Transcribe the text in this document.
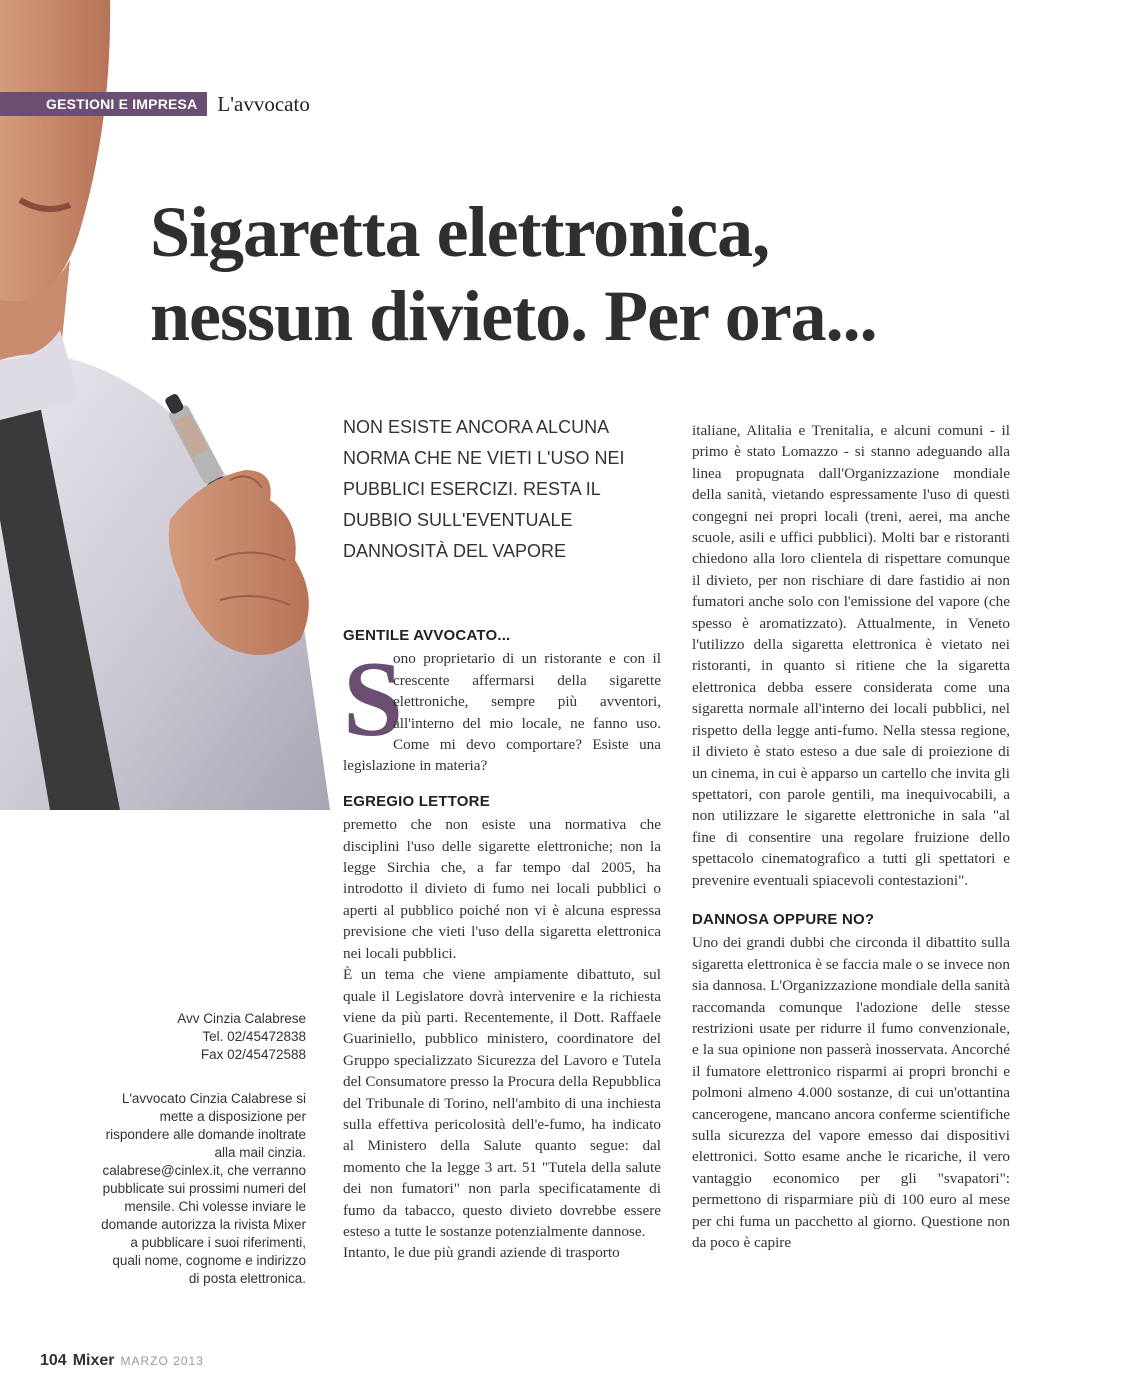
GESTIONI E IMPRESA L'avvocato
Sigaretta elettronica,
nessun divieto. Per ora...
NON ESISTE ANCORA ALCUNA NORMA CHE NE VIETI L'USO NEI PUBBLICI ESERCIZI. RESTA IL DUBBIO SULL'EVENTUALE DANNOSITÀ DEL VAPORE
GENTILE AVVOCATO...
S

ono proprietario di un ristorante e con il crescente affermarsi della sigarette elettroniche, sempre più avventori, all'interno del mio locale, ne fanno uso. Come mi devo comportare? Esiste una legislazione in materia?

EGREGIO LETTORE

premetto che non esiste una normativa che disciplini l'uso delle sigarette elettroniche; non la legge Sirchia che, a far tempo dal 2005, ha introdotto il divieto di fumo nei locali pubblici o aperti al pubblico poiché non vi è alcuna espressa previsione che vieti l'uso della sigaretta elettronica nei locali pubblici.

È un tema che viene ampiamente dibattuto, sul quale il Legislatore dovrà intervenire e la richiesta viene da più parti. Recentemente, il Dott. Raffaele Guariniello, pubblico ministero, coordinatore del Gruppo specializzato Sicurezza del Lavoro e Tutela del Consumatore presso la Procura della Repubblica del Tribunale di Torino, nell'ambito di una inchiesta sulla effettiva pericolosità dell'e-fumo, ha indicato al Ministero della Salute quanto segue: dal momento che la legge 3 art. 51 "Tutela della salute dei non fumatori" non parla specificatamente di fumo da tabacco, questo divieto dovrebbe essere esteso a tutte le sostanze potenzialmente dannose.

Intanto, le due più grandi aziende di trasporto

italiane, Alitalia e Trenitalia, e alcuni comuni - il primo è stato Lomazzo - si stanno adeguando alla linea propugnata dall'Organizzazione mondiale della sanità, vietando espressamente l'uso di questi congegni nei propri locali (treni, aerei, ma anche scuole, asili e uffici pubblici). Molti bar e ristoranti chiedono alla loro clientela di rispettare comunque il divieto, per non rischiare di dare fastidio ai non fumatori anche solo con l'emissione del vapore (che spesso è aromatizzato). Attualmente, in Veneto l'utilizzo della sigaretta elettronica è vietato nei ristoranti, in quanto si ritiene che la sigaretta elettronica debba essere considerata come una sigaretta normale all'interno dei locali pubblici, nel rispetto della legge anti-fumo. Nella stessa regione, il divieto è stato esteso a due sale di proiezione di un cinema, in cui è apparso un cartello che invita gli spettatori, con parole gentili, ma inequivocabili, a non utilizzare le sigarette elettroniche in sala "al fine di consentire una regolare fruizione dello spettacolo cinematografico a tutti gli spettatori e prevenire eventuali spiacevoli contestazioni".

DANNOSA OPPURE NO?

Uno dei grandi dubbi che circonda il dibattito sulla sigaretta elettronica è se faccia male o se invece non sia dannosa. L'Organizzazione mondiale della sanità raccomanda comunque l'adozione delle stesse restrizioni usate per ridurre il fumo convenzionale, e la sua opinione non passerà inosservata. Ancorché il fumatore elettronico risparmi ai propri bronchi e polmoni almeno 4.000 sostanze, di cui un'ottantina cancerogene, mancano ancora conferme scientifiche sulla sicurezza del vapore emesso dai dispositivi elettronici. Sotto esame anche le ricariche, il vero vantaggio economico per gli "svapatori": permettono di risparmiare più di 100 euro al mese per chi fuma un pacchetto al giorno. Questione non da poco è capire

Avv Cinzia Calabrese
Tel. 02/45472838
Fax 02/45472588
L'avvocato Cinzia Calabrese si mette a disposizione per rispondere alle domande inoltrate alla mail cinzia. calabrese@cinlex.it, che verranno pubblicate sui prossimi numeri del mensile. Chi volesse inviare le domande autorizza la rivista Mixer a pubblicare i suoi riferimenti, quali nome, cognome e indirizzo di posta elettronica.
104 Mixer MARZO 2013
